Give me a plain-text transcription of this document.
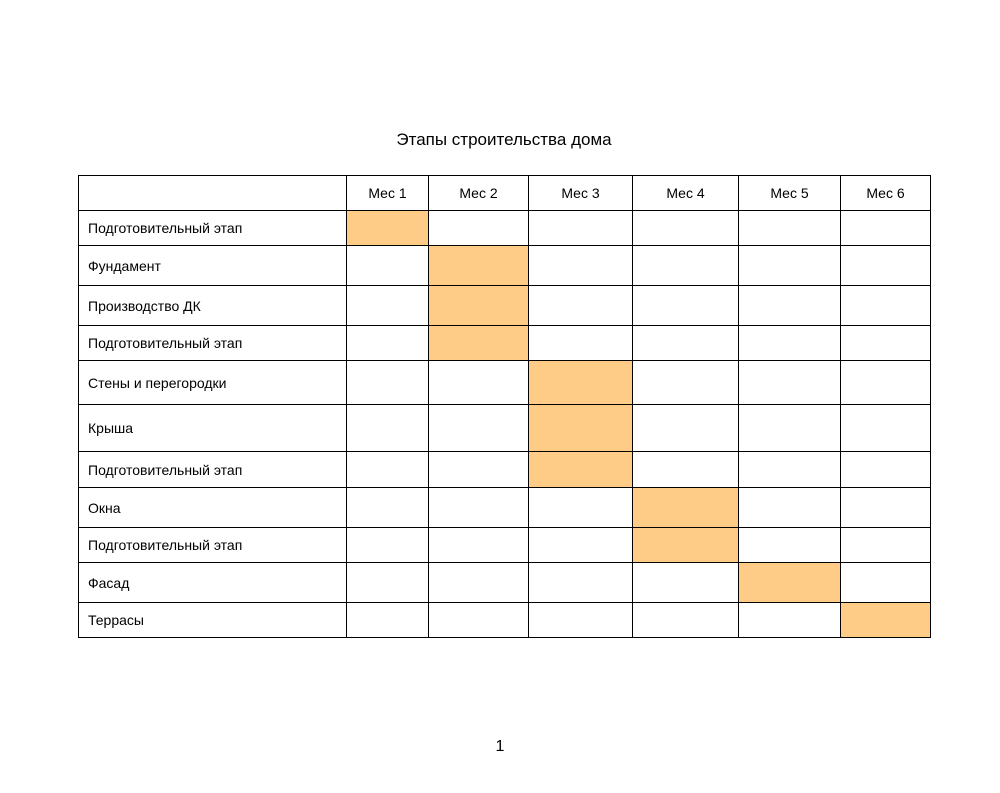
Этапы строительства дома
	Мес 1	Мес 2	Мес 3	Мес 4	Мес 5	Мес 6
Подготовительный этап						
Фундамент						
Производство ДК						
Подготовительный этап						
Стены и перегородки						
Крыша						
Подготовительный этап						
Окна						
Подготовительный этап						
Фасад						
Террасы						
1
